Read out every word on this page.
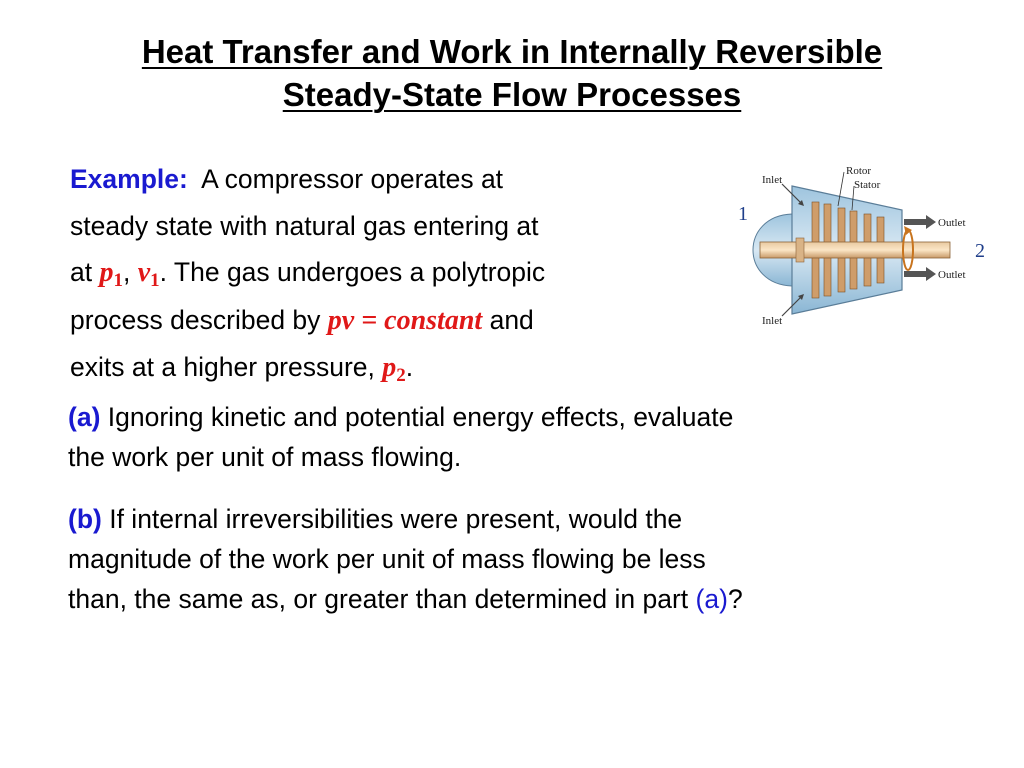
Heat Transfer and Work in Internally Reversible
Steady-State Flow Processes
Example: A compressor operates at
steady state with natural gas entering at
at $p_1$, $v_1$. The gas undergoes a polytropic
process described by pv = constant and
exits at a higher pressure, $p_2$.
(a) Ignoring kinetic and potential energy effects, evaluate
the work per unit of mass flowing.
(b) If internal irreversibilities were present, would the
magnitude of the work per unit of mass flowing be less
than, the same as, or greater than determined in part (a)?
Inlet
Inlet
Rotor
Stator
Outlet
Outlet
1
2
